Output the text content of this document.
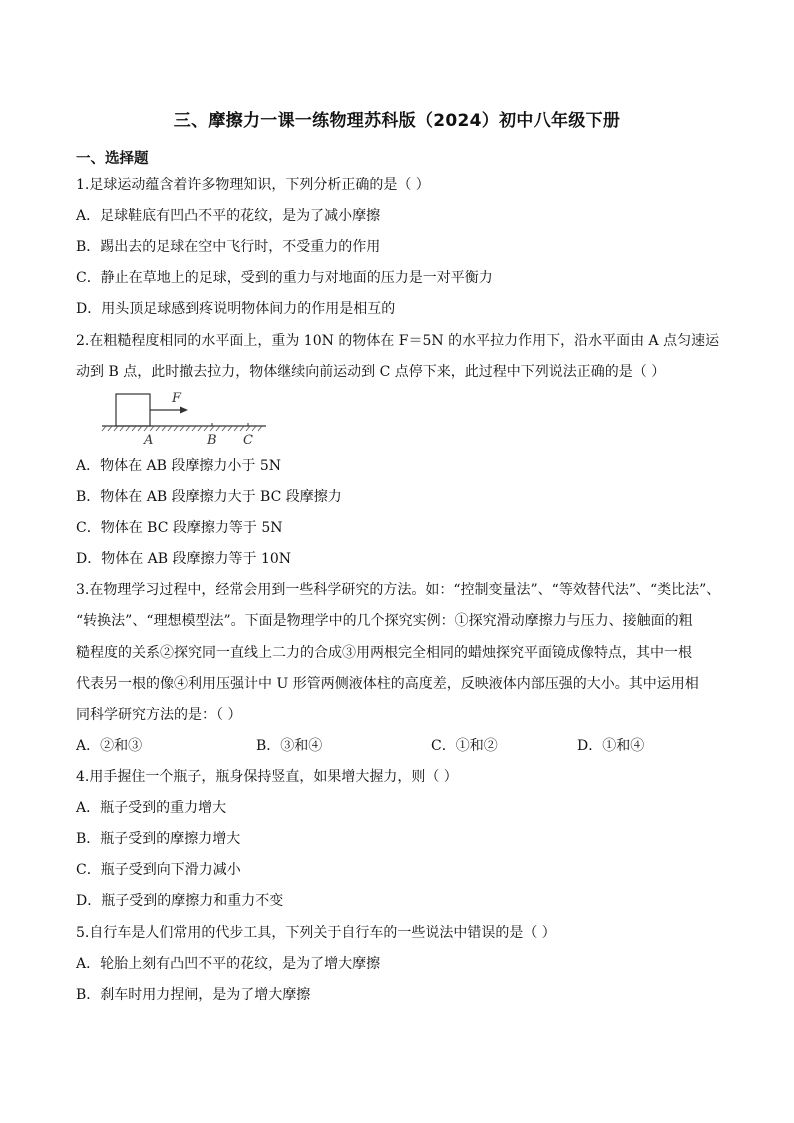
三、摩擦力一课一练物理苏科版（2024）初中八年级下册
一、选择题
1.足球运动蕴含着许多物理知识，下列分析正确的是（ ）
A．足球鞋底有凹凸不平的花纹，是为了减小摩擦
B．踢出去的足球在空中飞行时，不受重力的作用
C．静止在草地上的足球，受到的重力与对地面的压力是一对平衡力
D．用头顶足球感到疼说明物体间力的作用是相互的
2.在粗糙程度相同的水平面上，重为 10N 的物体在 F＝5N 的水平拉力作用下，沿水平面由 A 点匀速运
动到 B 点，此时撤去拉力，物体继续向前运动到 C 点停下来，此过程中下列说法正确的是（ ）
F
A	B C
A．物体在 AB 段摩擦力小于 5N
B．物体在 AB 段摩擦力大于 BC 段摩擦力
C．物体在 BC 段摩擦力等于 5N
D．物体在 AB 段摩擦力等于 10N
3.在物理学习过程中，经常会用到一些科学研究的方法。如：“控制变量法”、“等效替代法”、“类比法”、
“转换法”、“理想模型法”。下面是物理学中的几个探究实例：①探究滑动摩擦力与压力、接触面的粗
糙程度的关系②探究同一直线上二力的合成③用两根完全相同的蜡烛探究平面镜成像特点，其中一根
代表另一根的像④利用压强计中 U 形管两侧液体柱的高度差，反映液体内部压强的大小。其中运用相
同科学研究方法的是：（ ）
A．②和③	B．③和④	C．①和②	D．①和④
4.用手握住一个瓶子，瓶身保持竖直，如果增大握力，则（ ）
A．瓶子受到的重力增大
B．瓶子受到的摩擦力增大
C．瓶子受到向下滑力减小
D．瓶子受到的摩擦力和重力不变
5.自行车是人们常用的代步工具，下列关于自行车的一些说法中错误的是（ ）
A．轮胎上刻有凸凹不平的花纹，是为了增大摩擦
B．刹车时用力捏闸，是为了增大摩擦
